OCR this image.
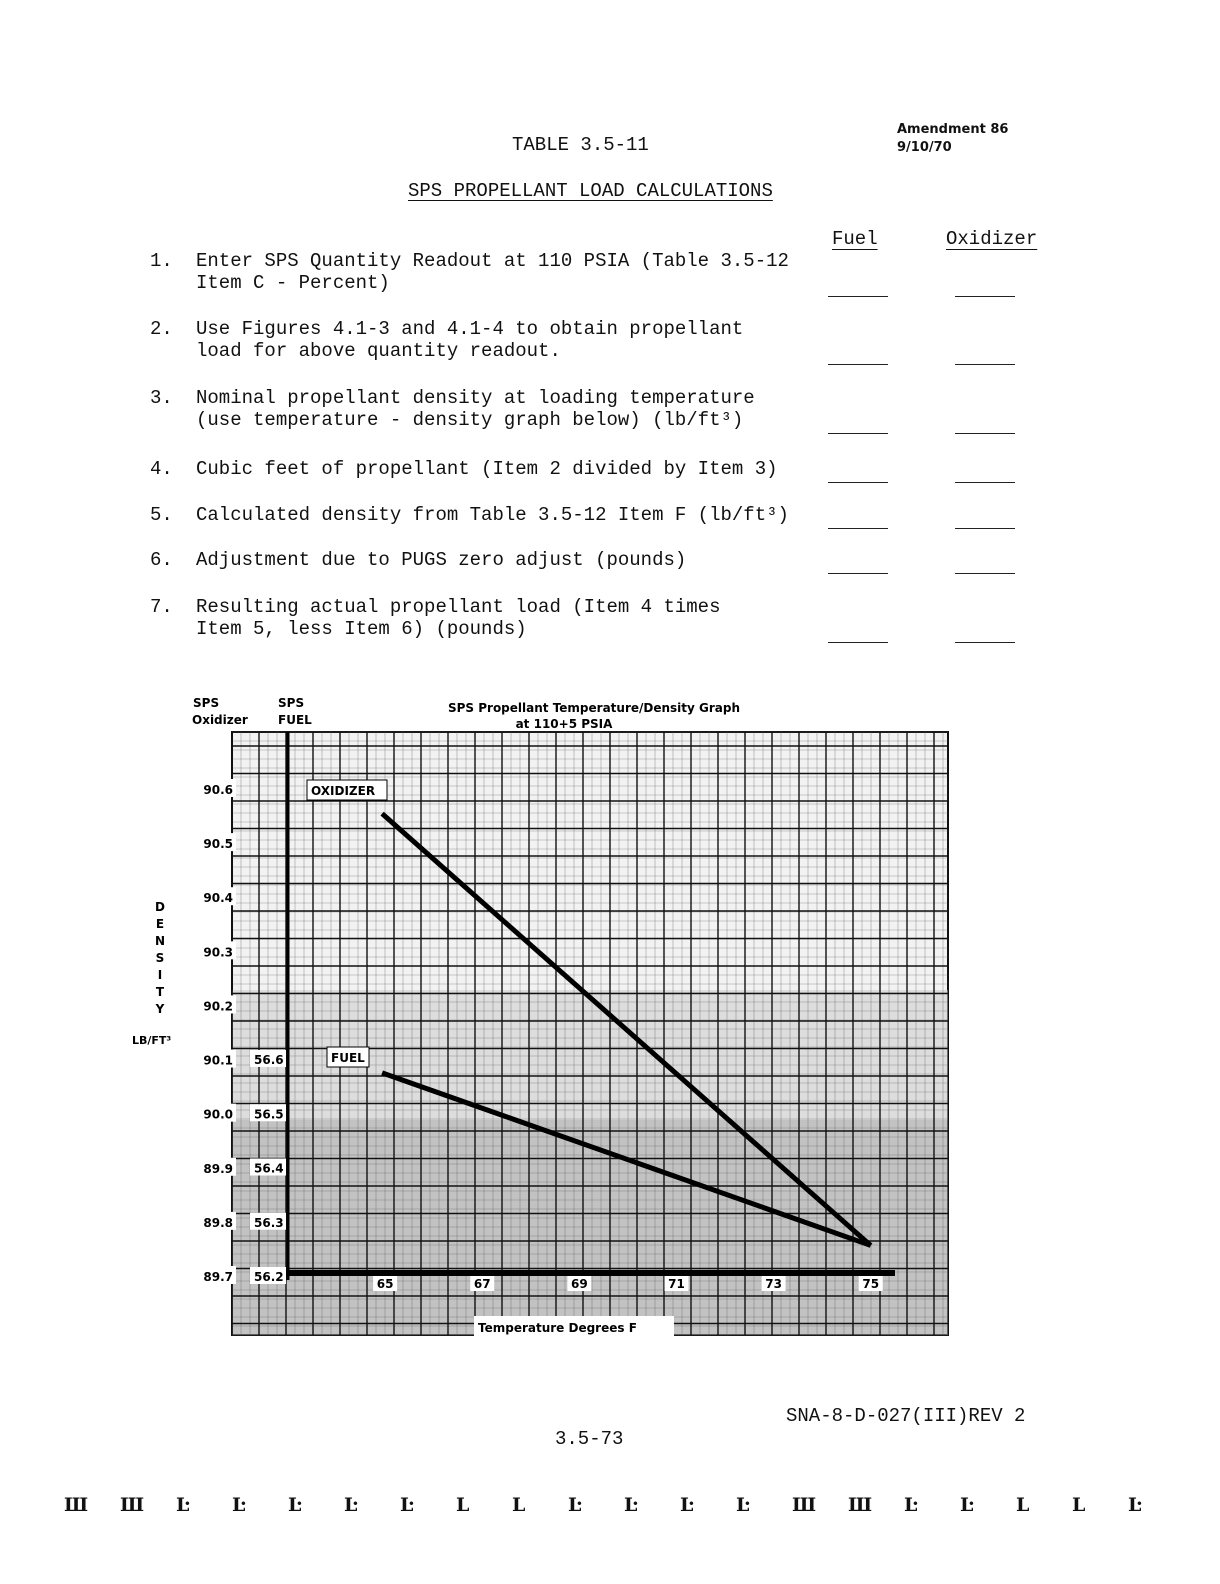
TABLE 3.5-11
Amendment 86
9/10/70
SPS PROPELLANT LOAD CALCULATIONS
Fuel	Oxidizer
1. Enter SPS Quantity Readout at 110 PSIA (Table 3.5-12
Item C - Percent)
2. Use Figures 4.1-3 and 4.1-4 to obtain propellant
load for above quantity readout.
3. Nominal propellant density at loading temperature
(use temperature - density graph below) (lb/ft³)
4. Cubic feet of propellant (Item 2 divided by Item 3)
5. Calculated density from Table 3.5-12 Item F (lb/ft³)
6. Adjustment due to PUGS zero adjust (pounds)
7. Resulting actual propellant load (Item 4 times
Item 5, less Item 6) (pounds)
SPS
Oxidizer
SPS
FUEL
SPS Propellant Temperature/Density Graph
at 110+5 PSIA
D
E
N
S
I
T
Y
LB/FT³
90.6
90.5
90.4
90.3
90.2
90.1
90.0
89.9
89.8
89.7
56.6
56.5
56.4
56.3
56.2	65	67	69	71	73	75
Temperature Degrees F
OXIDIZER
FUEL
SNA-8-D-027(III)REV 2
3.5-73
Ш Ш Ŀ Ŀ Ŀ Ŀ Ŀ L L Ŀ Ŀ Ŀ Ŀ Ш Ш Ŀ Ŀ L L Ŀ
